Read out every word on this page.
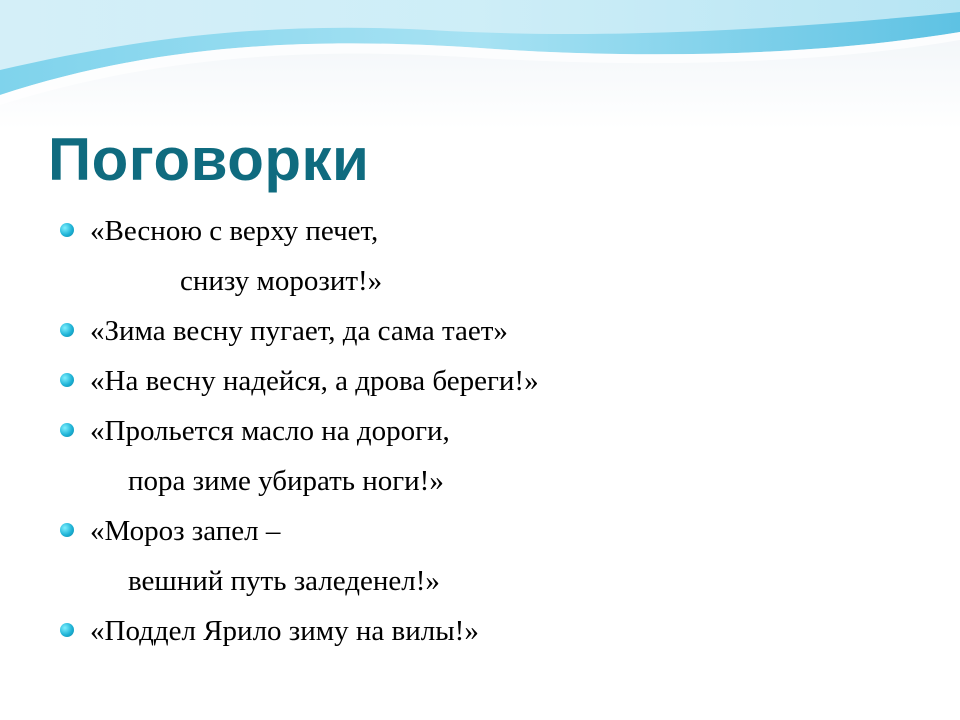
Поговорки
«Весною с верху печет,
снизу морозит!»
«Зима весну пугает, да сама тает»
«На весну надейся, а дрова береги!»
«Прольется масло на дороги,
пора зиме убирать ноги!»
«Мороз запел –
вешний путь заледенел!»
«Поддел Ярило зиму на вилы!»
